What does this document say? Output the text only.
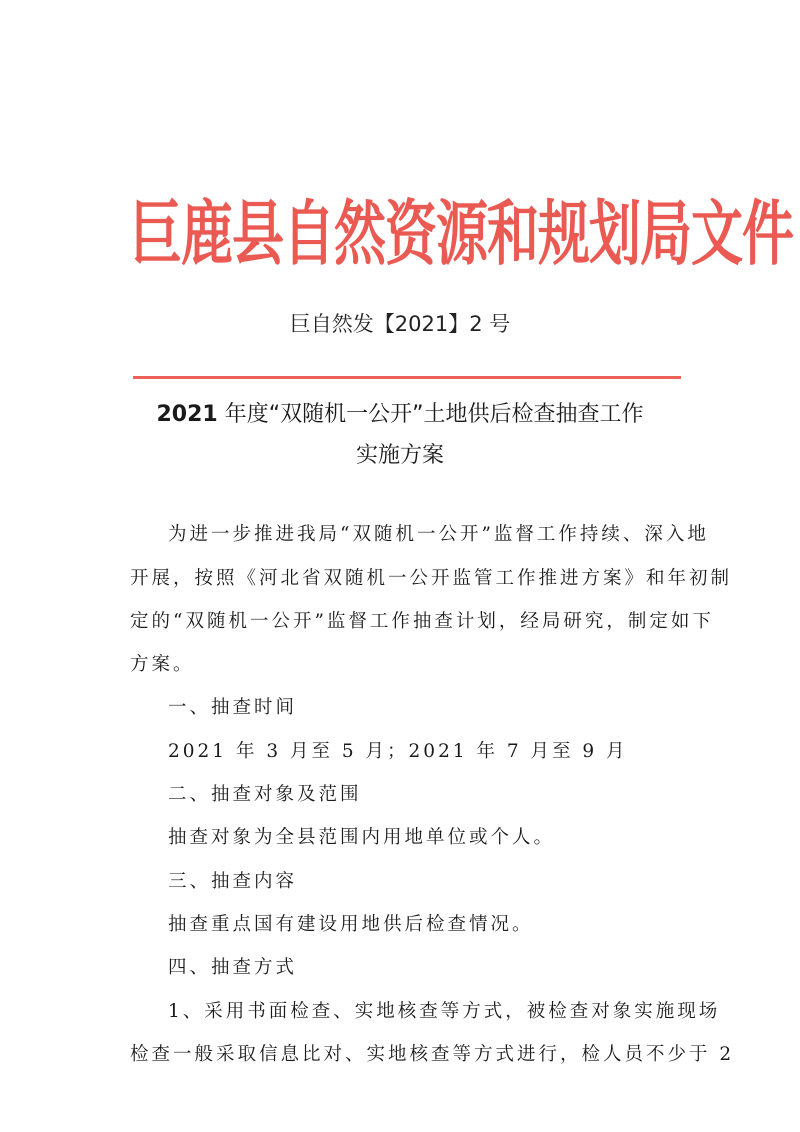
巨鹿县自然资源和规划局文件
巨自然发【2021】2 号
2021 年度“双随机一公开”土地供后检查抽查工作
实施方案
为进一步推进我局“双随机一公开”监督工作持续、深入地
开展，按照《河北省双随机一公开监管工作推进方案》和年初制
定的“双随机一公开”监督工作抽查计划，经局研究，制定如下
方案。
一、抽查时间
2021 年 3 月至 5 月；2021 年 7 月至 9 月
二、抽查对象及范围
抽查对象为全县范围内用地单位或个人。
三、抽查内容
抽查重点国有建设用地供后检查情况。
四、抽查方式
1、采用书面检查、实地核查等方式，被检查对象实施现场
检查一般采取信息比对、实地核查等方式进行，检人员不少于 2
